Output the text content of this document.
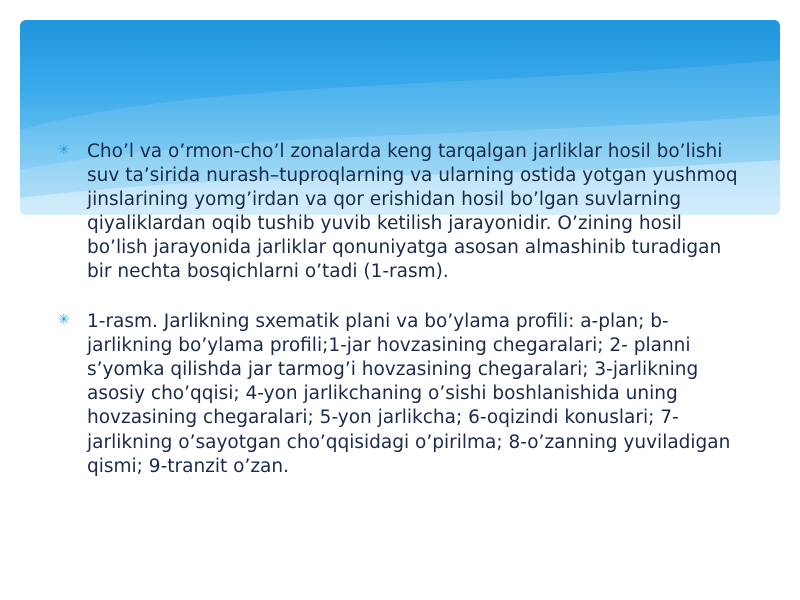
✳ Cho’l va o’rmon-cho’l zonalarda keng tarqalgan jarliklar hosil bo’lishi suv ta’sirida nurash–tuproqlarning va ularning ostida yotgan yushmoq jinslarining yomg’irdan va qor erishidan hosil bo’lgan suvlarning qiyaliklardan oqib tushib yuvib ketilish jarayonidir. O’zining hosil bo’lish jarayonida jarliklar qonuniyatga asosan almashinib turadigan bir nechta bosqichlarni o’tadi (1-rasm).
✳ 1-rasm. Jarlikning sxematik plani va bo’ylama profili: a-plan; b- jarlikning bo’ylama profili;1-jar hovzasining chegaralari; 2- planni s’yomka qilishda jar tarmog’i hovzasining chegaralari; 3-jarlikning asosiy cho’qqisi; 4-yon jarlikchaning o’sishi boshlanishida uning hovzasining chegaralari; 5-yon jarlikcha; 6-oqizindi konuslari; 7-jarlikning o’sayotgan cho’qqisidagi o’pirilma; 8-o’zanning yuviladigan qismi; 9-tranzit o’zan.
